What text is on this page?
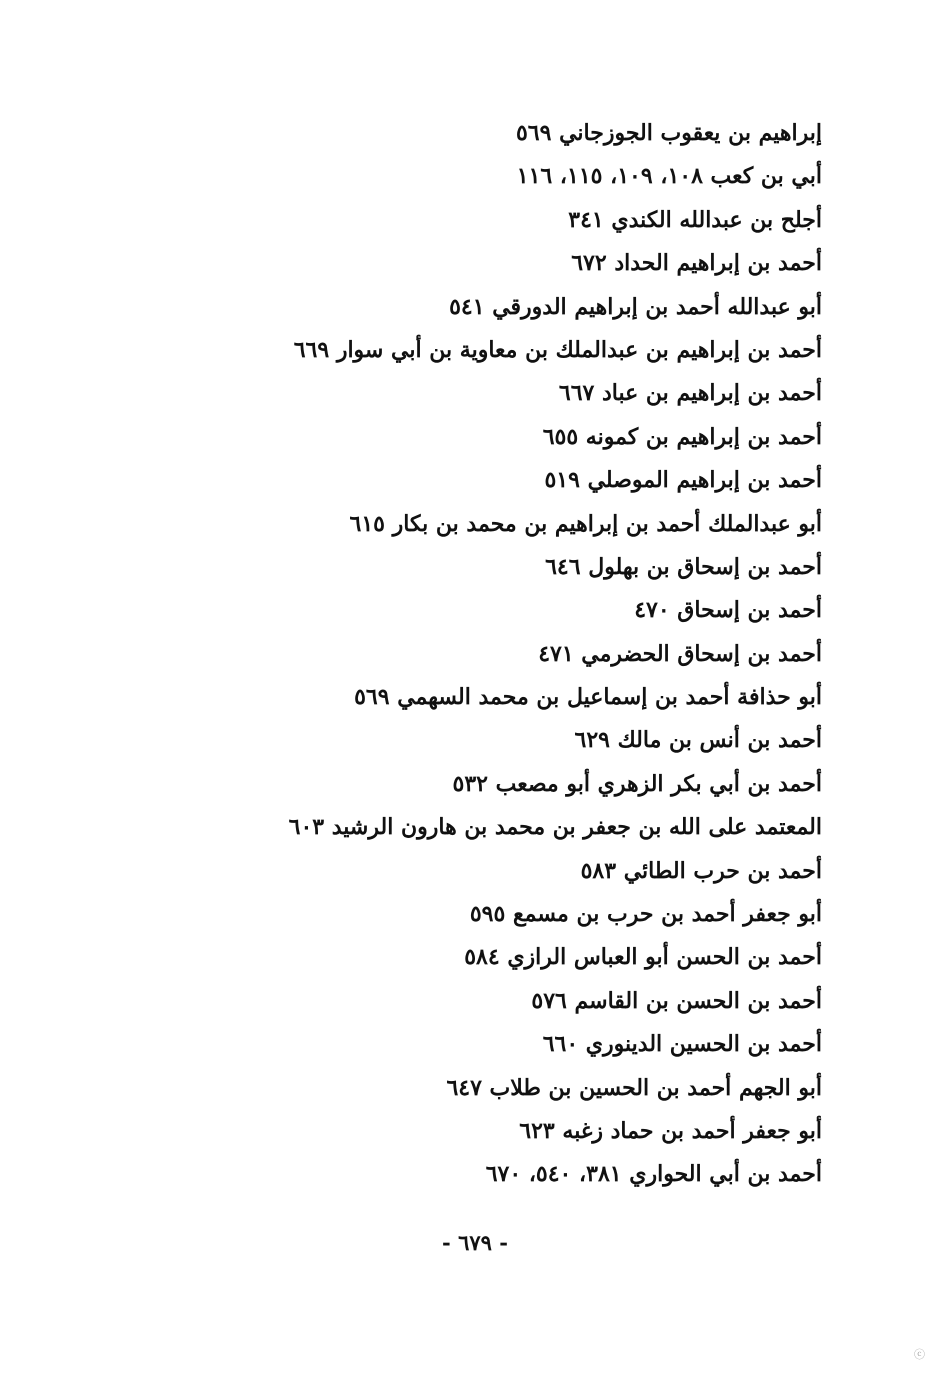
إبراهيم بن يعقوب الجوزجاني ٥٦٩
أبي بن كعب ١٠٨، ١٠٩، ١١٥، ١١٦
أجلح بن عبدالله الكندي ٣٤١
أحمد بن إبراهيم الحداد ٦٧٢
أبو عبدالله أحمد بن إبراهيم الدورقي ٥٤١
أحمد بن إبراهيم بن عبدالملك بن معاوية بن أبي سوار ٦٦٩
أحمد بن إبراهيم بن عباد ٦٦٧
أحمد بن إبراهيم بن كمونه ٦٥٥
أحمد بن إبراهيم الموصلي ٥١٩
أبو عبدالملك أحمد بن إبراهيم بن محمد بن بكار ٦١٥
أحمد بن إسحاق بن بهلول ٦٤٦
أحمد بن إسحاق ٤٧٠
أحمد بن إسحاق الحضرمي ٤٧١
أبو حذافة أحمد بن إسماعيل بن محمد السهمي ٥٦٩
أحمد بن أنس بن مالك ٦٢٩
أحمد بن أبي بكر الزهري أبو مصعب ٥٣٢
المعتمد على الله بن جعفر بن محمد بن هارون الرشيد ٦٠٣
أحمد بن حرب الطائي ٥٨٣
أبو جعفر أحمد بن حرب بن مسمع ٥٩٥
أحمد بن الحسن أبو العباس الرازي ٥٨٤
أحمد بن الحسن بن القاسم ٥٧٦
أحمد بن الحسين الدينوري ٦٦٠
أبو الجهم أحمد بن الحسين بن طلاب ٦٤٧
أبو جعفر أحمد بن حماد زغبه ٦٢٣
أحمد بن أبي الحواري ٣٨١، ٥٤٠، ٦٧٠
- ٦٧٩ -
ⓒ
